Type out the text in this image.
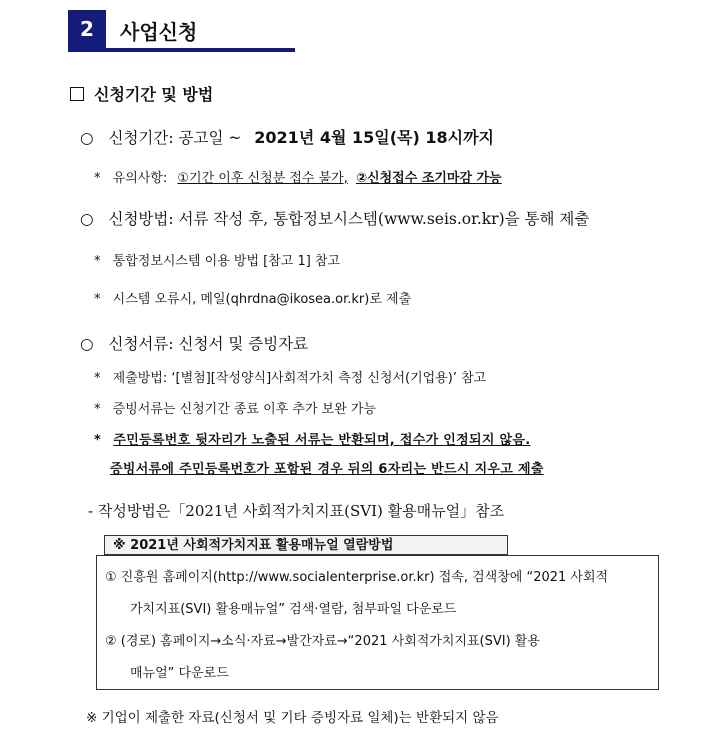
2 사업신청
신청기간 및 방법
○ 신청기간: 공고일 ~ 2021년 4월 15일(목) 18시까지
* 유의사항: ①기간 이후 신청분 접수 불가, ②신청접수 조기마감 가능
○ 신청방법: 서류 작성 후, 통합정보시스템(www.seis.or.kr)을 통해 제출
* 통합정보시스템 이용 방법 [참고 1] 참고
* 시스템 오류시, 메일(qhrdna@ikosea.or.kr)로 제출
○ 신청서류: 신청서 및 증빙자료
* 제출방법: ‘[별첨][작성양식]사회적가치 측정 신청서(기업용)’ 참고
* 증빙서류는 신청기간 종료 이후 추가 보완 가능
* 주민등록번호 뒷자리가 노출된 서류는 반환되며, 접수가 인정되지 않음.
증빙서류에 주민등록번호가 포함된 경우 뒤의 6자리는 반드시 지우고 제출
- 작성방법은「2021년 사회적가치지표(SVI) 활용매뉴얼」참조
※ 2021년 사회적가치지표 활용매뉴얼 열람방법
① 진흥원 홈페이지(http://www.socialenterprise.or.kr) 접속, 검색창에 “2021 사회적
가치지표(SVI) 활용매뉴얼” 검색·열람, 첨부파일 다운로드
② (경로) 홈페이지→소식·자료→발간자료→“2021 사회적가치지표(SVI) 활용
매뉴얼” 다운로드
※ 기업이 제출한 자료(신청서 및 기타 증빙자료 일체)는 반환되지 않음
